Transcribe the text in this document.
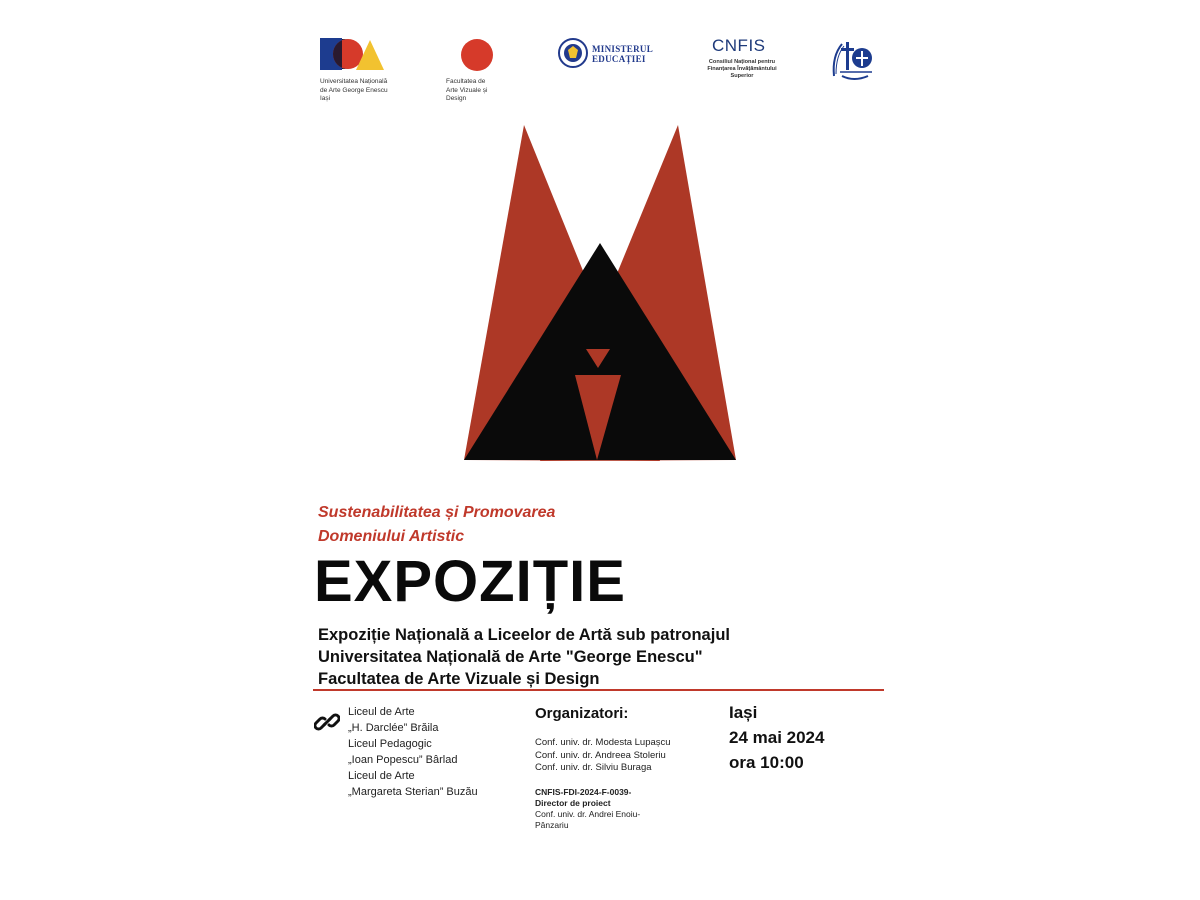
Universitatea Națională
de Arte George Enescu
Iași
Facultatea de
Arte Vizuale și
Design
MINISTERUL
EDUCAȚIEI
CNFIS
Consiliul Național pentru
Finanțarea Învățământului
Superior
Sustenabilitatea și Promovarea
Domeniului Artistic
EXPOZIȚIE
Expoziție Națională a Liceelor de Artă sub patronajul
Universitatea Națională de Arte "George Enescu"
Facultatea de Arte Vizuale și Design
Liceul de Arte
„H. Darclée” Brăila
Liceul Pedagogic
„Ioan Popescu” Bârlad
Liceul de Arte
„Margareta Sterian” Buzău
Organizatori:
Conf. univ. dr. Modesta Lupașcu
Conf. univ. dr. Andreea Stoleriu
Conf. univ. dr. Silviu Buraga
CNFIS-FDI-2024-F-0039-
Director de proiect
Conf. univ. dr. Andrei Enoiu-
Pânzariu
Iași
24 mai 2024
ora 10:00
